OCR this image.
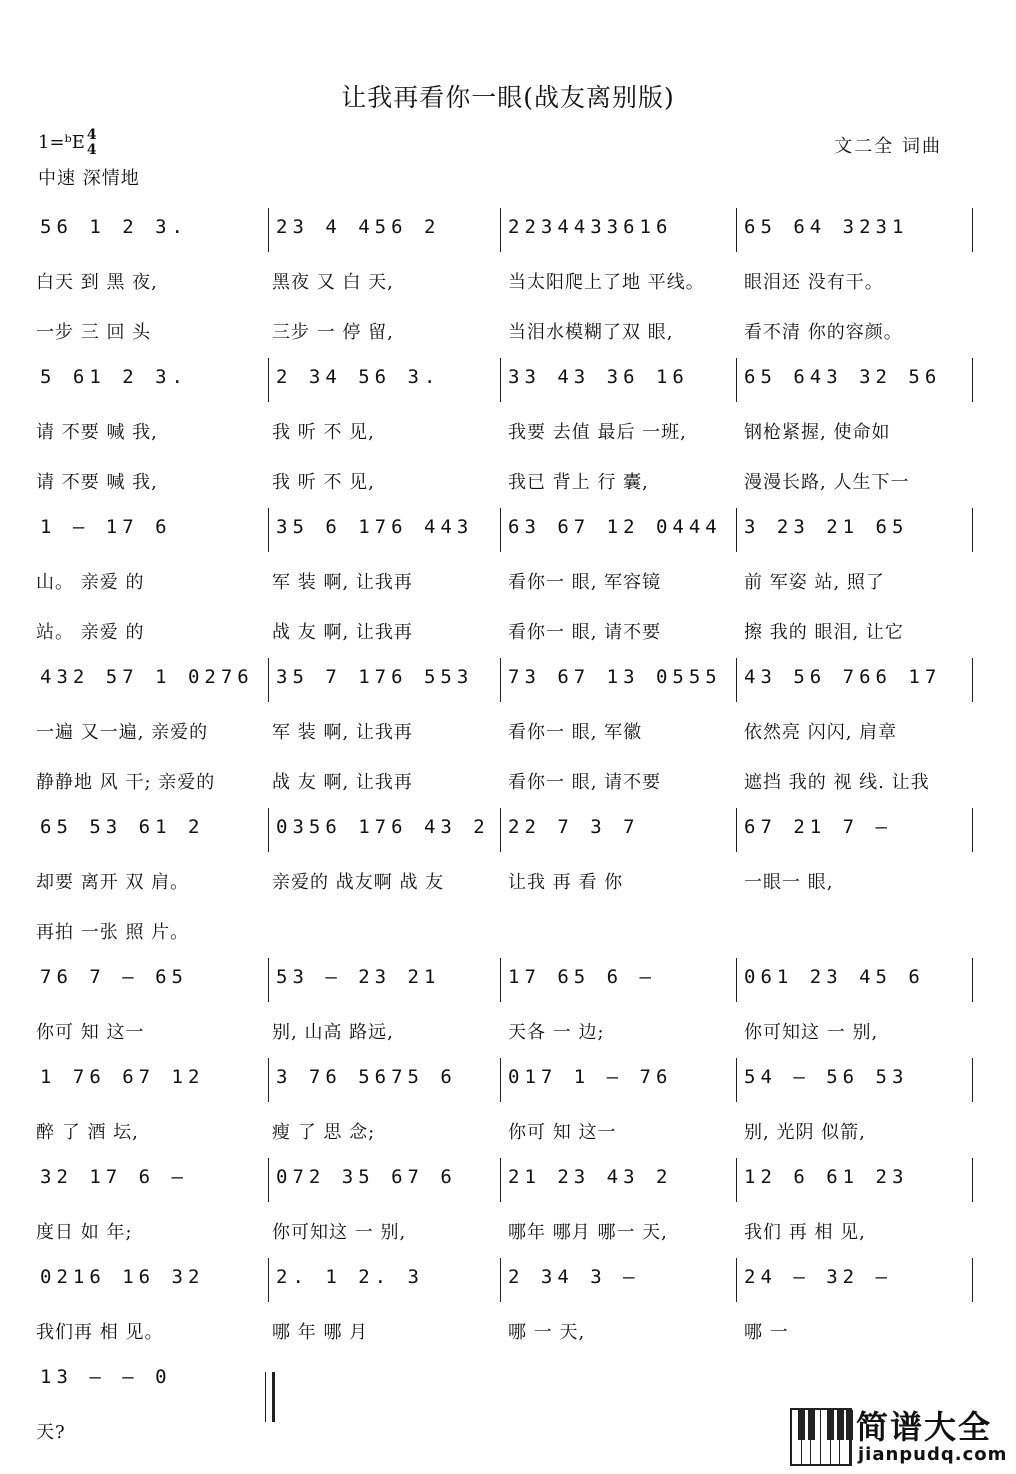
让我再看你一眼(战友离别版)
1=ᵇE 4
4	文二全 词曲
中速 深情地
56 1 2 3.	23 4 456 2	2234433616	65 64 3231
白天 到 黑 夜,	黑夜 又 白 天,	当太阳爬上了地 平线。	眼泪还 没有干。
一步 三 回 头	三步 一 停 留,	当泪水模糊了双 眼,	看不清 你的容颜。
5 61 2 3.	2 34 56 3.	33 43 36 16	65 643 32 56
请 不要 喊 我,	我 听 不 见,	我要 去值 最后 一班,	钢枪紧握, 使命如
请 不要 喊 我,	我 听 不 见,	我已 背上 行 囊,	漫漫长路, 人生下一
1 — 17 6	35 6 176 443	63 67 12 0444	3 23 21 65
山。 亲爱 的	军 装 啊, 让我再	看你一 眼, 军容镜	前 军姿 站, 照了
站。 亲爱 的	战 友 啊, 让我再	看你一 眼, 请不要	擦 我的 眼泪, 让它
432 57 1 0276	35 7 176 553	73 67 13 0555	43 56 766 17
一遍 又一遍, 亲爱的	军 装 啊, 让我再	看你一 眼, 军徽	依然亮 闪闪, 肩章
静静地 风 干; 亲爱的	战 友 啊, 让我再	看你一 眼, 请不要	遮挡 我的 视 线. 让我
65 53 61 2	0356 176 43 2 22 7 3 7	67 21 7 —
却要 离开 双 肩。	亲爱的 战友啊 战 友	让我 再 看 你	一眼一 眼,
再拍 一张 照 片。
76 7 — 65	53 — 23 21	17 65 6 —	061 23 45 6
你可 知 这一	别, 山高 路远,	天各 一 边;	你可知这 一 别,
1 76 67 12	3 76 5675 6	017 1 — 76	54 — 56 53
醉 了 酒 坛,	瘦 了 思 念;	你可 知 这一	别, 光阴 似箭,
32 17 6 —	072 35 67 6	21 23 43 2	12 6 61 23
度日 如 年;	你可知这 一 别,	哪年 哪月 哪一 天,	我们 再 相 见,
0216 16 32	2. 1 2. 3	2 34 3 —	24 — 32 —
我们再 相 见。	哪 年 哪 月	哪 一 天,	哪 一
13 — — 0
天?	简谱大全
jianpudq.com
